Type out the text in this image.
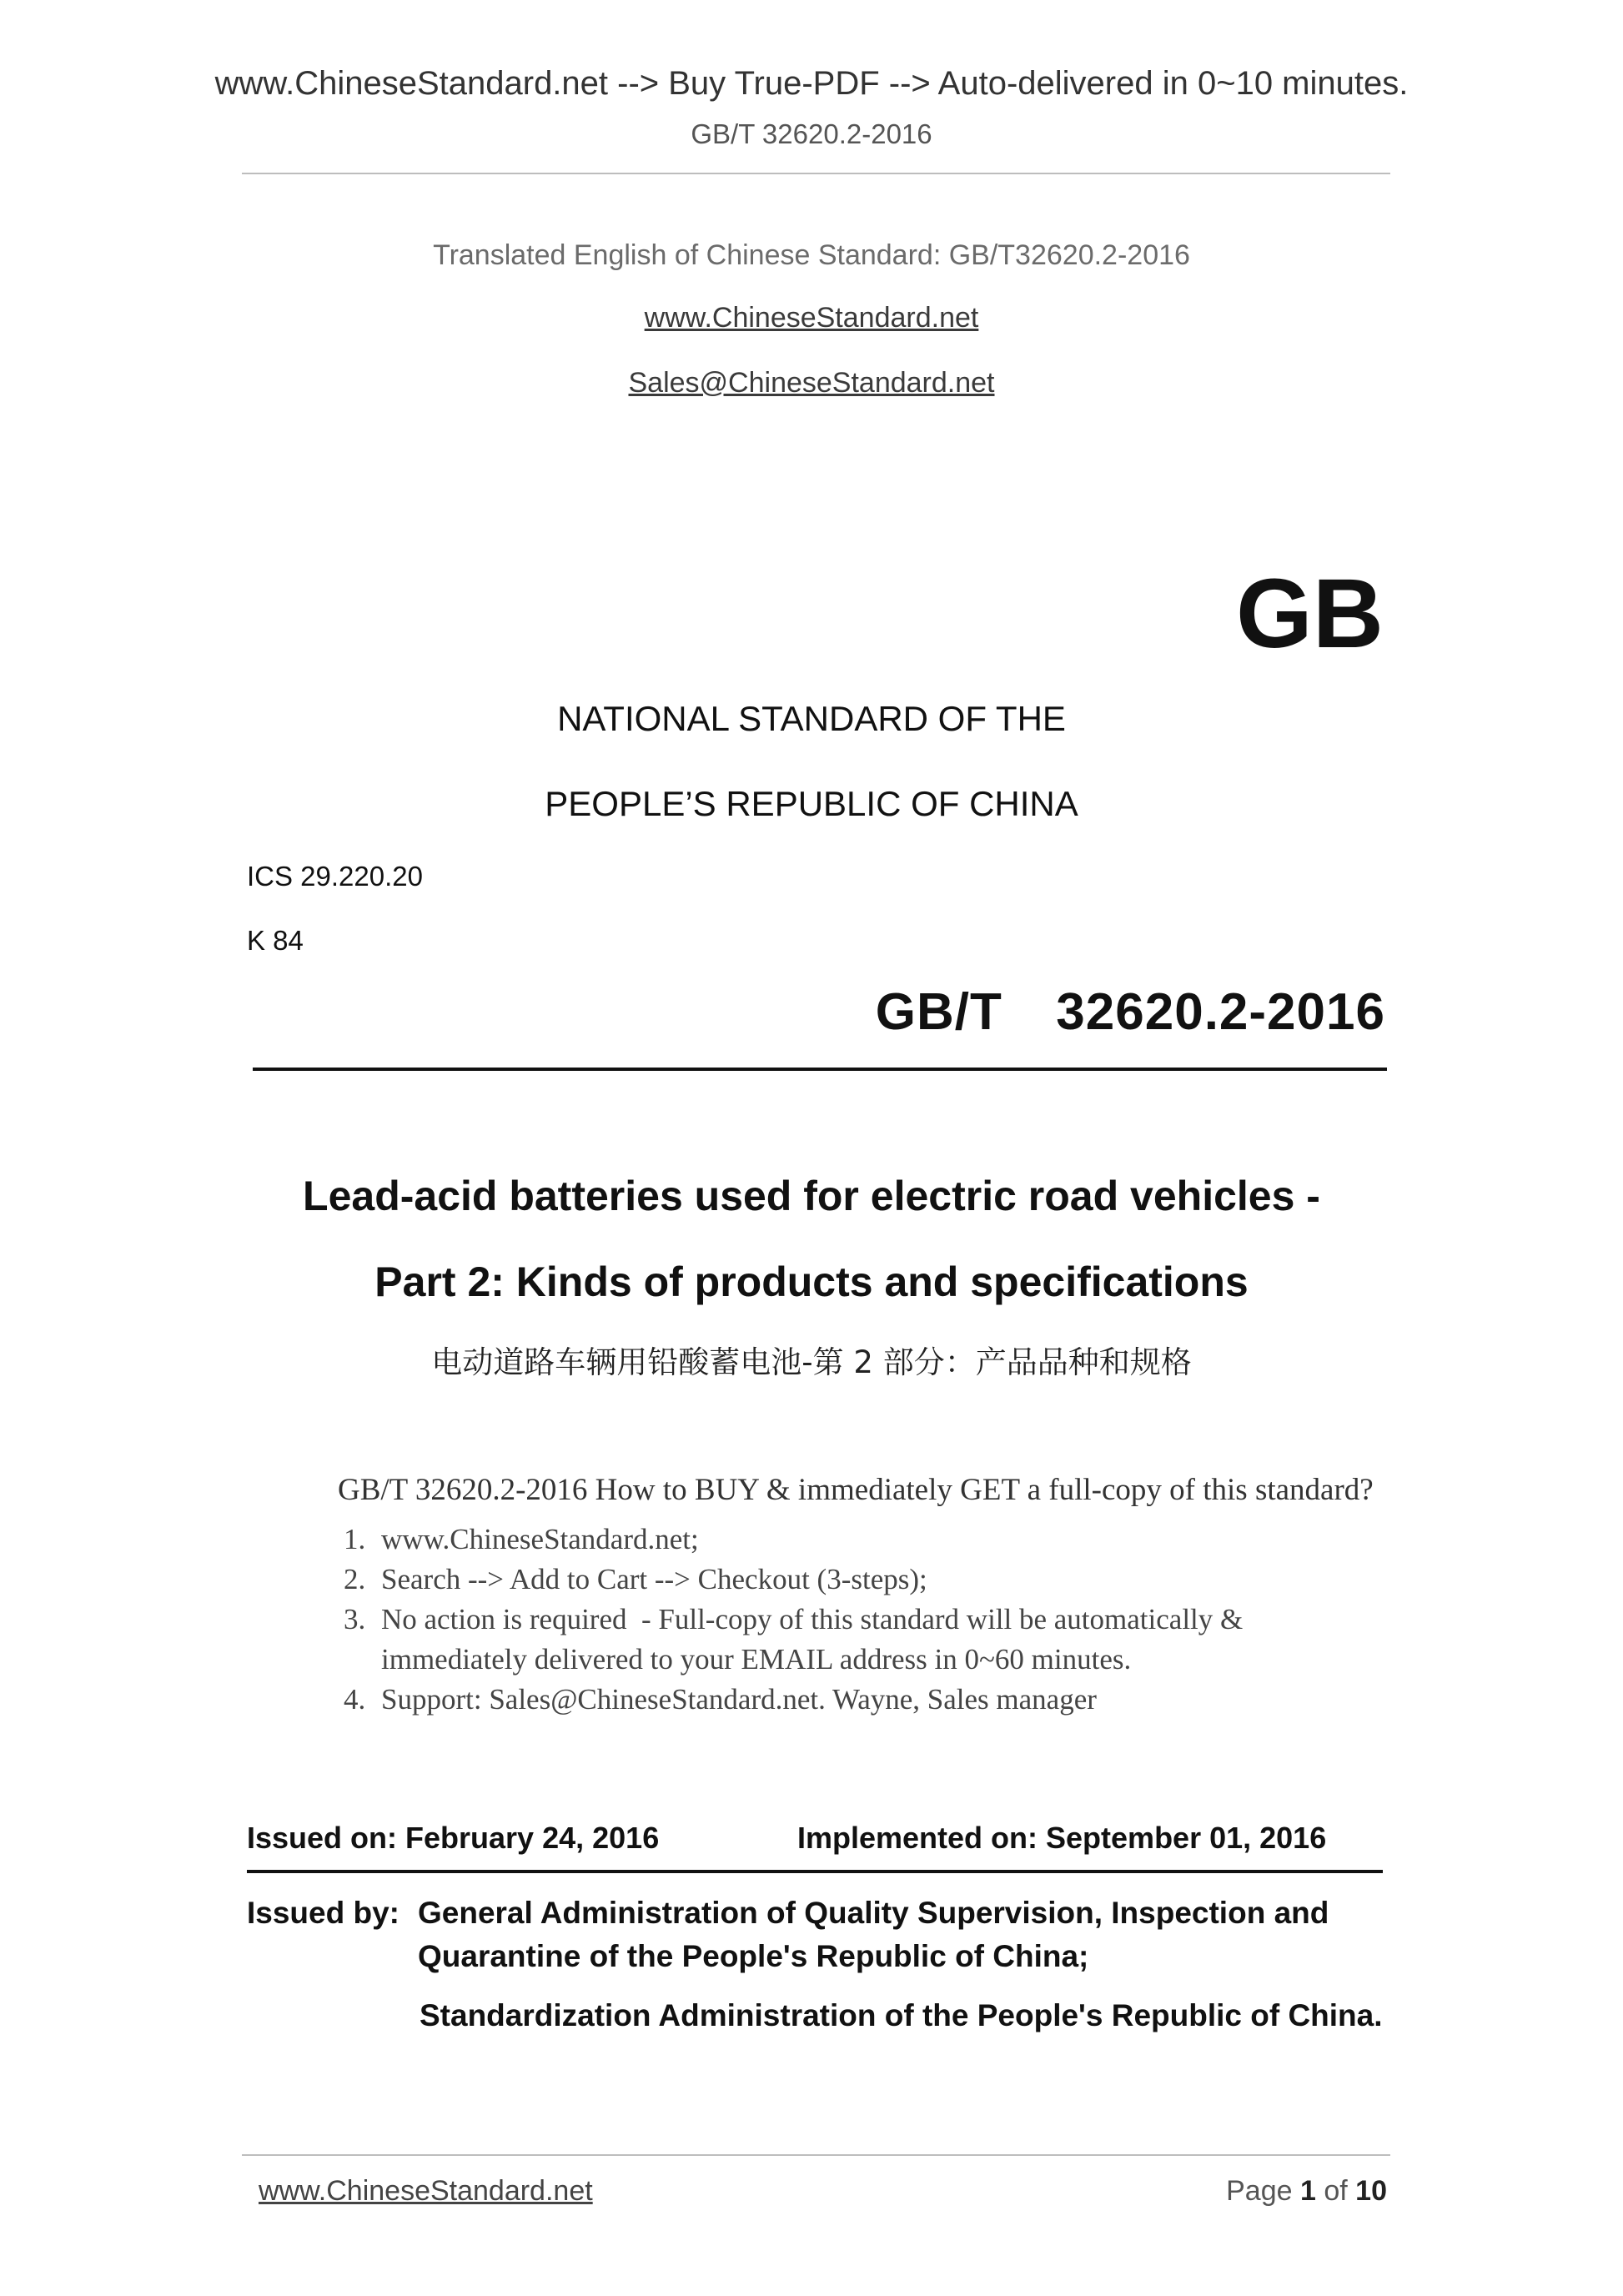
www.ChineseStandard.net --> Buy True-PDF --> Auto-delivered in 0~10 minutes.
GB/T 32620.2-2016
Translated English of Chinese Standard: GB/T32620.2-2016
www.ChineseStandard.net
Sales@ChineseStandard.net
GB
NATIONAL STANDARD OF THE
PEOPLE’S REPUBLIC OF CHINA
ICS 29.220.20
K 84
GB/T  32620.2-2016
Lead-acid batteries used for electric road vehicles -
Part 2: Kinds of products and specifications
电动道路车辆用铅酸蓄电池-第 2 部分：产品品种和规格
GB/T 32620.2-2016 How to BUY & immediately GET a full-copy of this standard?
1. www.ChineseStandard.net;
2. Search --> Add to Cart --> Checkout (3-steps);
3. No action is required  - Full-copy of this standard will be automatically &
immediately delivered to your EMAIL address in 0~60 minutes.
4. Support: Sales@ChineseStandard.net. Wayne, Sales manager
Issued on: February 24, 2016	Implemented on: September 01, 2016
Issued by: General Administration of Quality Supervision, Inspection and
Quarantine of the People's Republic of China;
Standardization Administration of the People's Republic of China.
www.ChineseStandard.net	Page 1 of 10
